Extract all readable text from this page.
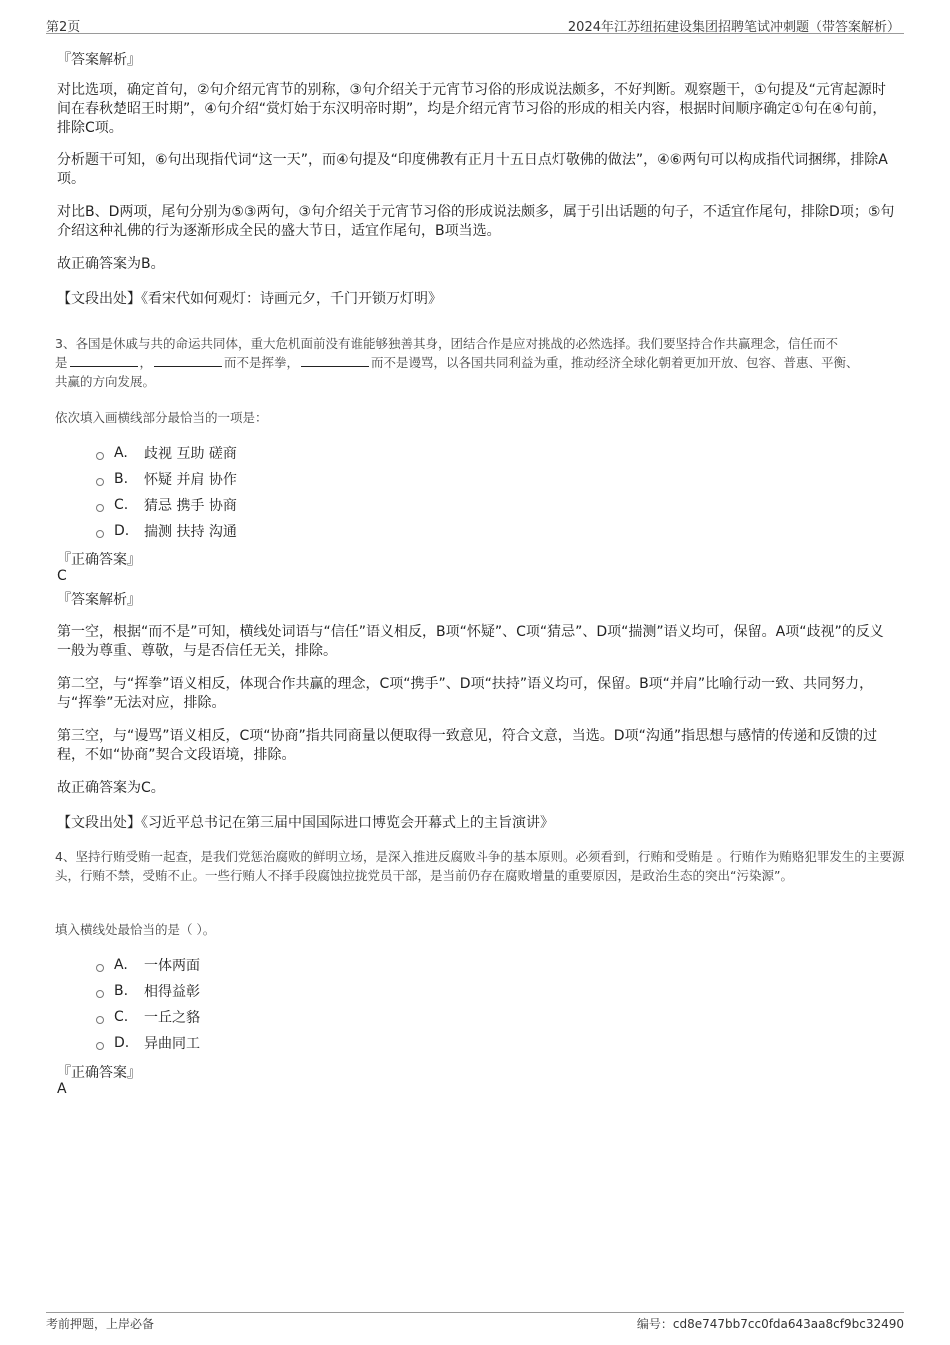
第2页	2024年江苏纽拓建设集团招聘笔试冲刺题（带答案解析）
『答案解析』
对比选项，确定首句，②句介绍元宵节的别称，③句介绍关于元宵节习俗的形成说法颇多，不好判断。观察题干，①句提及“元宵起源时间在春秋楚昭王时期”，④句介绍“赏灯始于东汉明帝时期”，均是介绍元宵节习俗的形成的相关内容，根据时间顺序确定①句在④句前，排除C项。
分析题干可知，⑥句出现指代词“这一天”，而④句提及“印度佛教有正月十五日点灯敬佛的做法”，④⑥两句可以构成指代词捆绑，排除A项。
对比B、D两项，尾句分别为⑤③两句，③句介绍关于元宵节习俗的形成说法颇多，属于引出话题的句子，不适宜作尾句，排除D项；⑤句介绍这种礼佛的行为逐渐形成全民的盛大节日，适宜作尾句，B项当选。
故正确答案为B。
【文段出处】《看宋代如何观灯：诗画元夕，千门开锁万灯明》
3、各国是休戚与共的命运共同体，重大危机面前没有谁能够独善其身，团结合作是应对挑战的必然选择。我们要坚持合作共赢理念，信任而不
是	，	而不是挥拳，	而不是谩骂，以各国共同利益为重，推动经济全球化朝着更加开放、包容、普惠、平衡、
共赢的方向发展。
依次填入画横线部分最恰当的一项是：
A.	歧视 互助 磋商
B.	怀疑 并肩 协作
C.	猜忌 携手 协商
D.	揣测 扶持 沟通
『正确答案』
C
『答案解析』
第一空，根据“而不是”可知，横线处词语与“信任”语义相反，B项“怀疑”、C项“猜忌”、D项“揣测”语义均可，保留。A项“歧视”的反义一般为尊重、尊敬，与是否信任无关，排除。
第二空，与“挥拳”语义相反，体现合作共赢的理念，C项“携手”、D项“扶持”语义均可，保留。B项“并肩”比喻行动一致、共同努力，与“挥拳”无法对应，排除。
第三空，与“谩骂”语义相反，C项“协商”指共同商量以便取得一致意见，符合文意，当选。D项“沟通”指思想与感情的传递和反馈的过程，不如“协商”契合文段语境，排除。
故正确答案为C。
【文段出处】《习近平总书记在第三届中国国际进口博览会开幕式上的主旨演讲》
4、坚持行贿受贿一起查，是我们党惩治腐败的鲜明立场，是深入推进反腐败斗争的基本原则。必须看到，行贿和受贿是 。行贿作为贿赂犯罪发生的主要源头，行贿不禁，受贿不止。一些行贿人不择手段腐蚀拉拢党员干部，是当前仍存在腐败增量的重要原因，是政治生态的突出“污染源”。
填入横线处最恰当的是（ ）。
A.	一体两面
B.	相得益彰
C.	一丘之貉
D.	异曲同工
『正确答案』
A
考前押题，上岸必备	编号：cd8e747bb7cc0fda643aa8cf9bc32490
